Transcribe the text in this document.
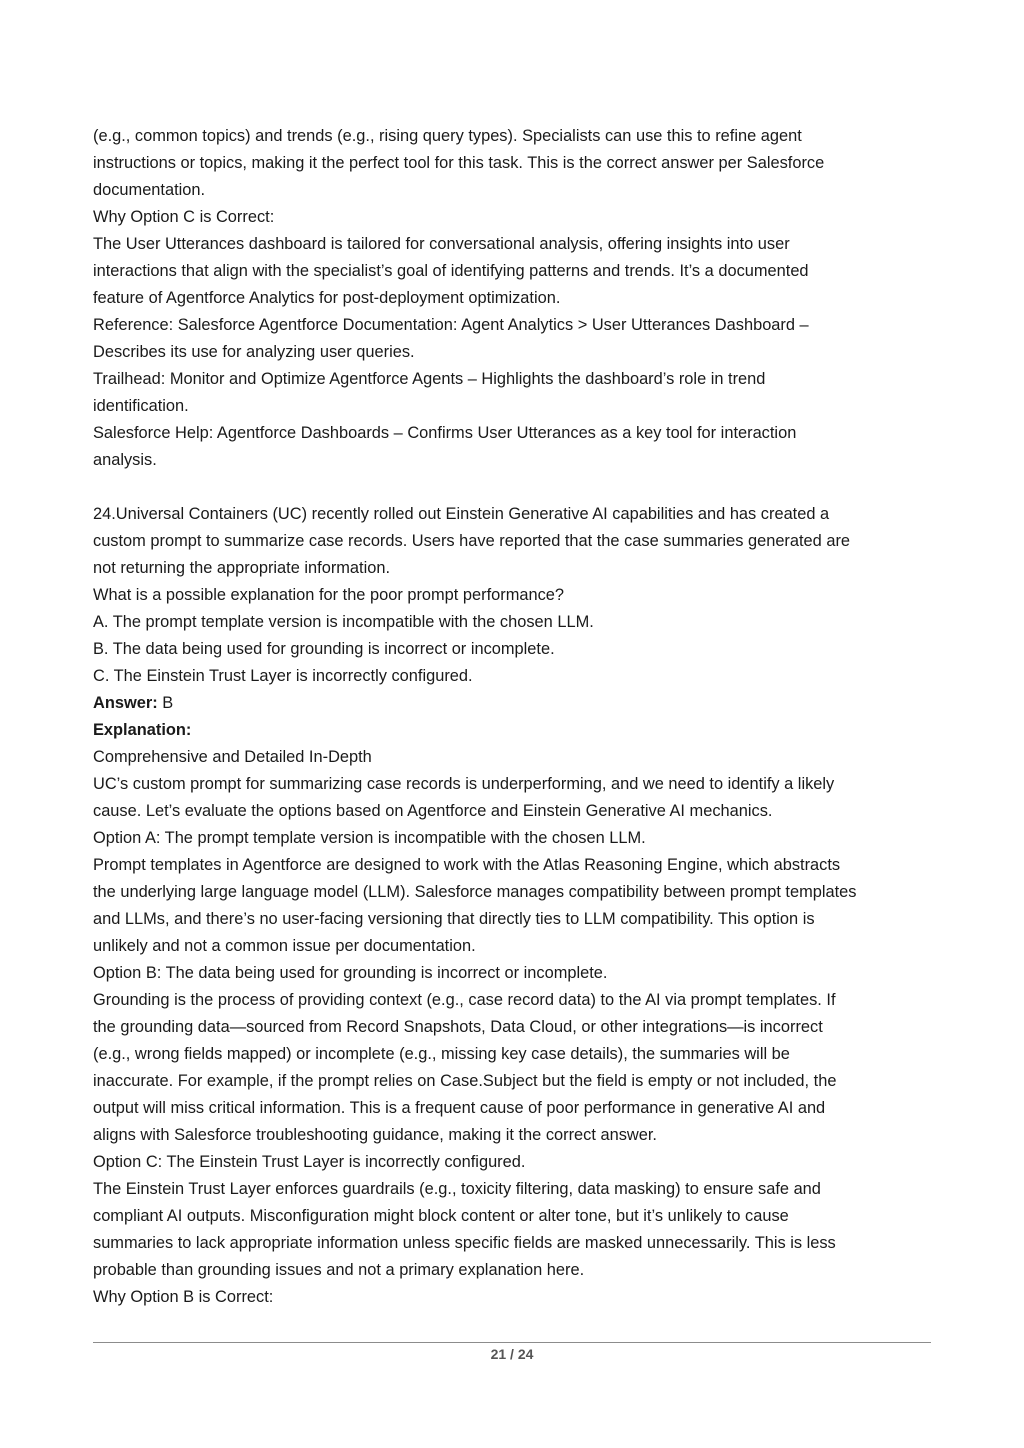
(e.g., common topics) and trends (e.g., rising query types). Specialists can use this to refine agent
instructions or topics, making it the perfect tool for this task. This is the correct answer per Salesforce
documentation.
Why Option C is Correct:
The User Utterances dashboard is tailored for conversational analysis, offering insights into user
interactions that align with the specialist’s goal of identifying patterns and trends. It’s a documented
feature of Agentforce Analytics for post-deployment optimization.
Reference: Salesforce Agentforce Documentation: Agent Analytics > User Utterances Dashboard –
Describes its use for analyzing user queries.
Trailhead: Monitor and Optimize Agentforce Agents – Highlights the dashboard’s role in trend
identification.
Salesforce Help: Agentforce Dashboards – Confirms User Utterances as a key tool for interaction
analysis.
24.Universal Containers (UC) recently rolled out Einstein Generative AI capabilities and has created a
custom prompt to summarize case records. Users have reported that the case summaries generated are
not returning the appropriate information.
What is a possible explanation for the poor prompt performance?
A. The prompt template version is incompatible with the chosen LLM.
B. The data being used for grounding is incorrect or incomplete.
C. The Einstein Trust Layer is incorrectly configured.
Answer: B
Explanation:
Comprehensive and Detailed In-Depth
UC’s custom prompt for summarizing case records is underperforming, and we need to identify a likely
cause. Let’s evaluate the options based on Agentforce and Einstein Generative AI mechanics.
Option A: The prompt template version is incompatible with the chosen LLM.
Prompt templates in Agentforce are designed to work with the Atlas Reasoning Engine, which abstracts
the underlying large language model (LLM). Salesforce manages compatibility between prompt templates
and LLMs, and there’s no user-facing versioning that directly ties to LLM compatibility. This option is
unlikely and not a common issue per documentation.
Option B: The data being used for grounding is incorrect or incomplete.
Grounding is the process of providing context (e.g., case record data) to the AI via prompt templates. If
the grounding data—sourced from Record Snapshots, Data Cloud, or other integrations—is incorrect
(e.g., wrong fields mapped) or incomplete (e.g., missing key case details), the summaries will be
inaccurate. For example, if the prompt relies on Case.Subject but the field is empty or not included, the
output will miss critical information. This is a frequent cause of poor performance in generative AI and
aligns with Salesforce troubleshooting guidance, making it the correct answer.
Option C: The Einstein Trust Layer is incorrectly configured.
The Einstein Trust Layer enforces guardrails (e.g., toxicity filtering, data masking) to ensure safe and
compliant AI outputs. Misconfiguration might block content or alter tone, but it’s unlikely to cause
summaries to lack appropriate information unless specific fields are masked unnecessarily. This is less
probable than grounding issues and not a primary explanation here.
Why Option B is Correct:
21 / 24
